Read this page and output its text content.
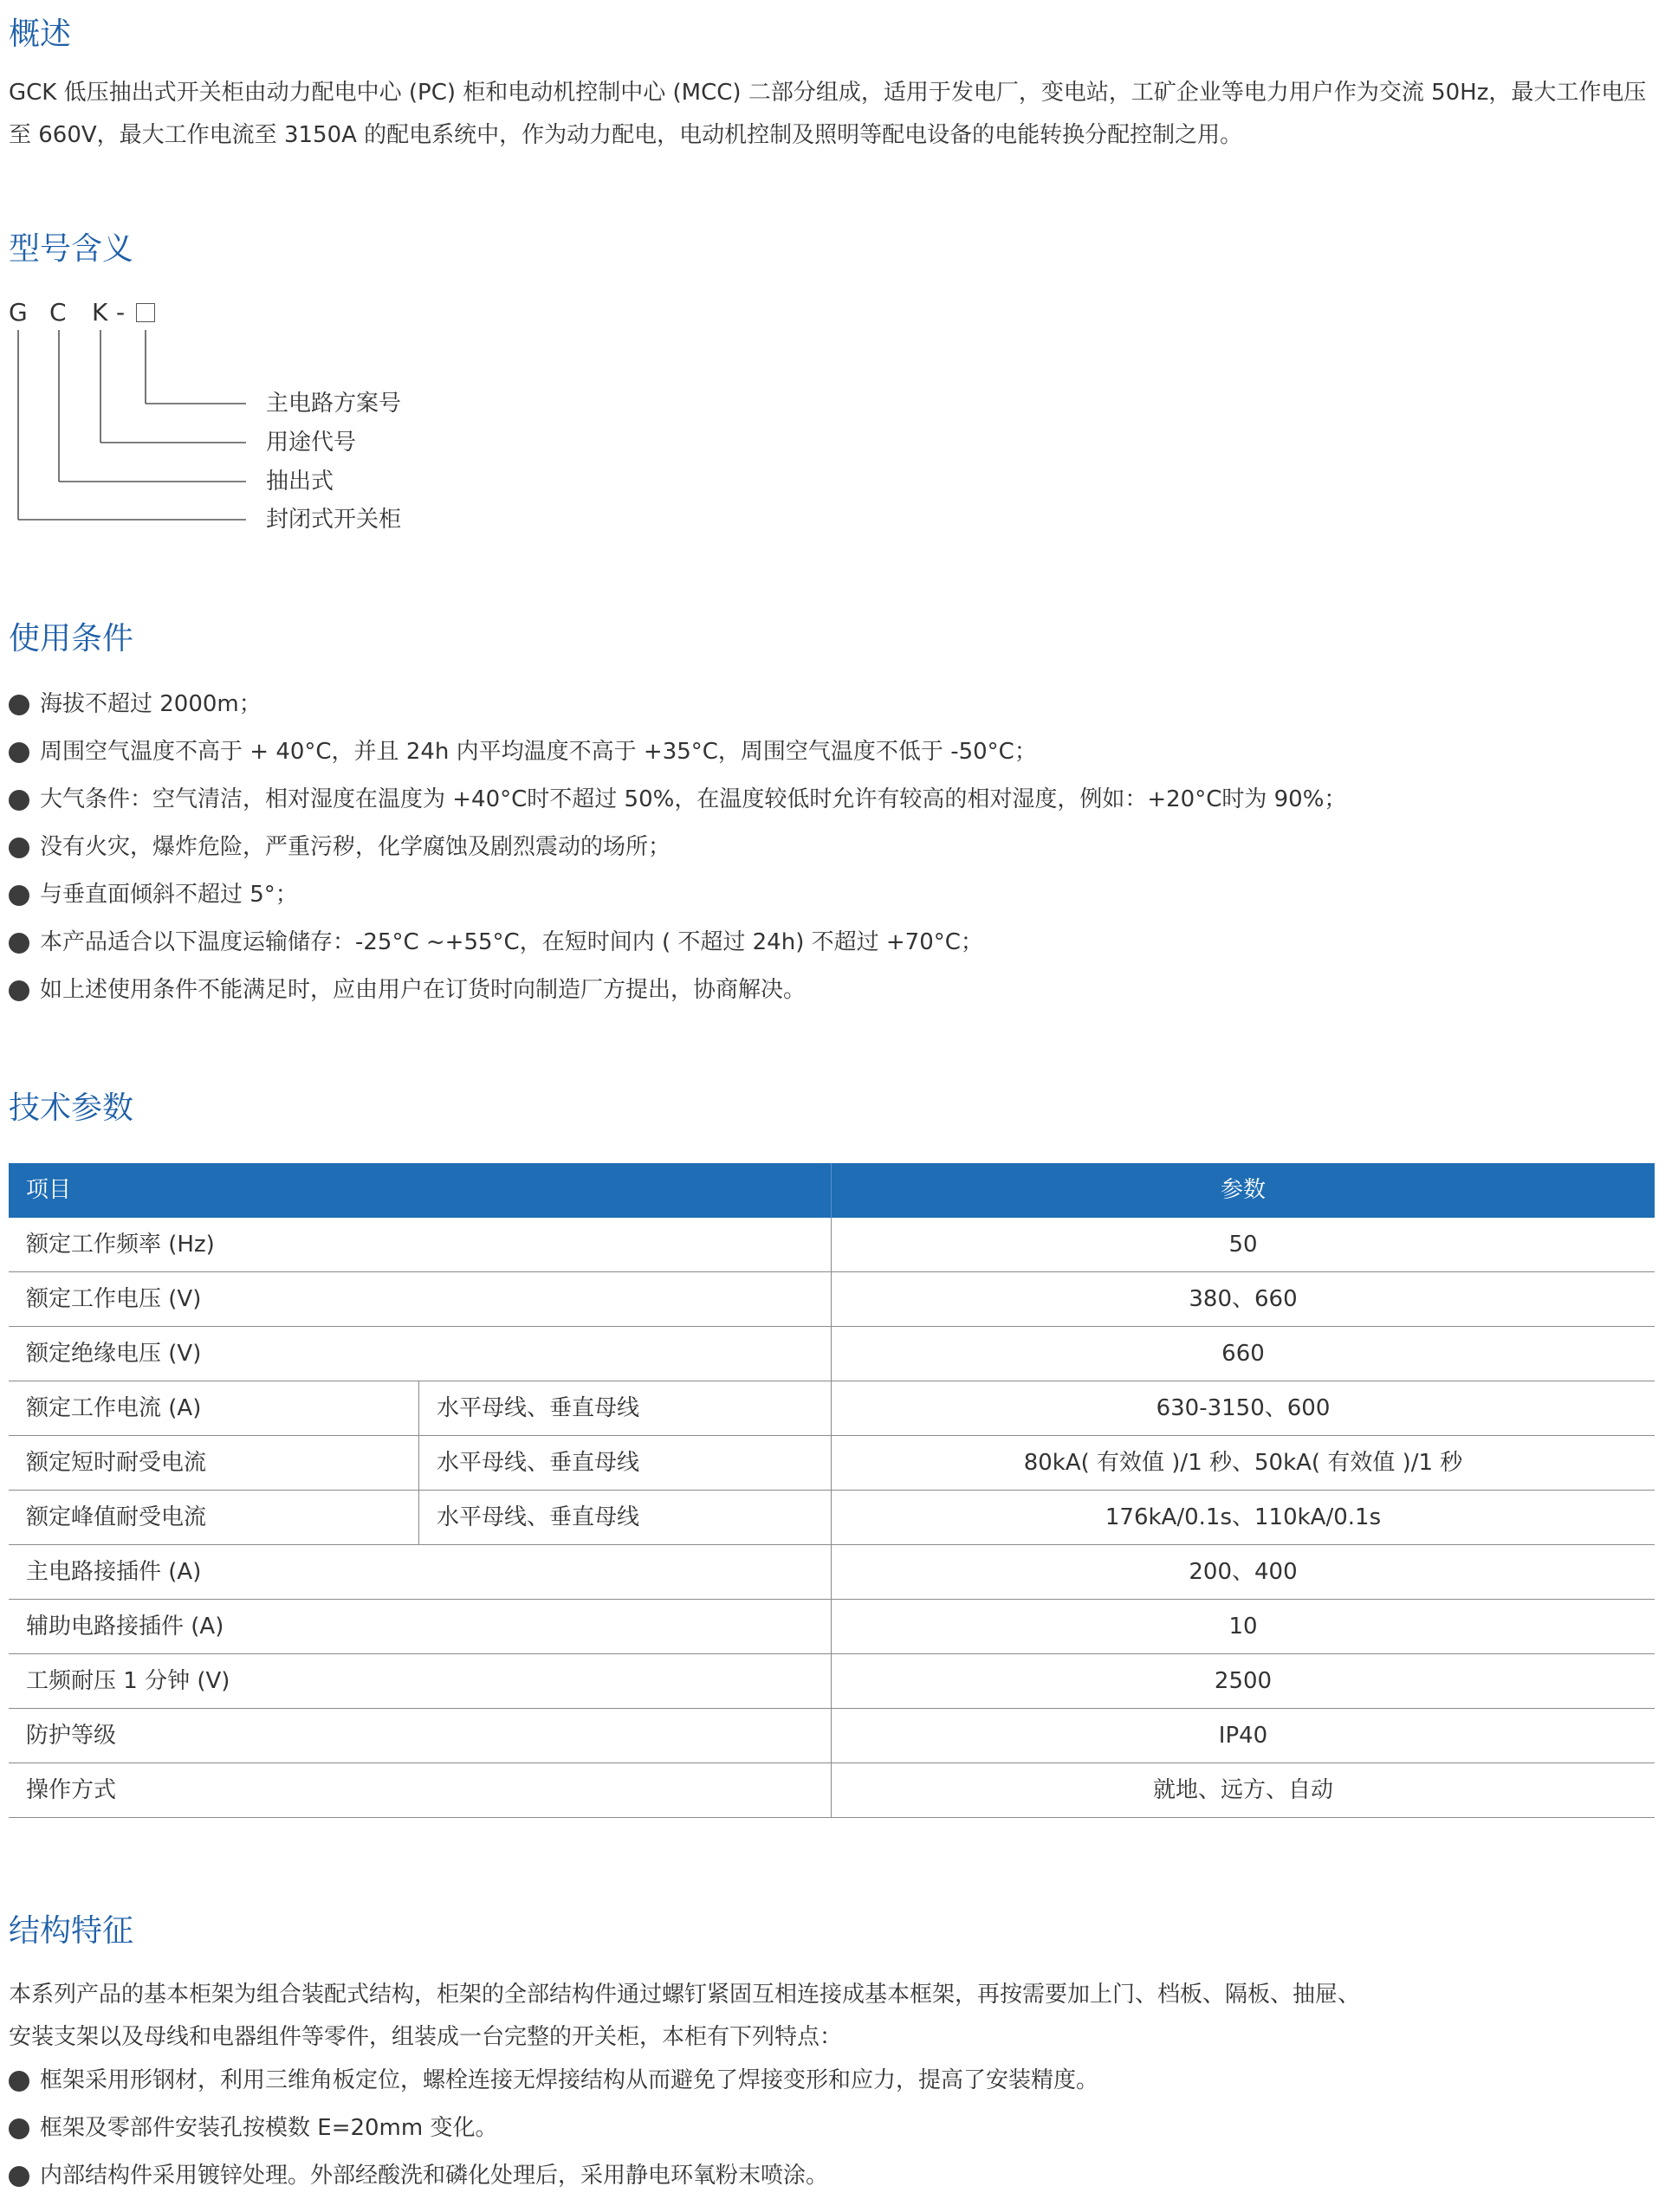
概述

GCK 低压抽出式开关柜由动力配电中心 (PC) 柜和电动机控制中心 (MCC) 二部分组成，适用于发电厂，变电站，工矿企业等电力用户作为交流 50Hz，最大工作电压至 660V，最大工作电流至 3150A 的配电系统中，作为动力配电，电动机控制及照明等配电设备的电能转换分配控制之用。

型号含义
G C K -
主电路方案号
用途代号
抽出式
封闭式开关柜
使用条件
海拔不超过 2000m；
周围空气温度不高于 + 40°C，并且 24h 内平均温度不高于 +35°C，周围空气温度不低于 -50°C；
大气条件：空气清洁，相对湿度在温度为 +40°C时不超过 50%，在温度较低时允许有较高的相对湿度，例如：+20°C时为 90%；
没有火灾，爆炸危险，严重污秽，化学腐蚀及剧烈震动的场所；
与垂直面倾斜不超过 5°；
本产品适合以下温度运输储存：-25°C ~+55°C，在短时间内 ( 不超过 24h) 不超过 +70°C；
如上述使用条件不能满足时，应由用户在订货时向制造厂方提出，协商解决。
技术参数
项目	参数
额定工作频率 (Hz)	50
额定工作电压 (V)	380、660
额定绝缘电压 (V)	660
额定工作电流 (A)	水平母线、垂直母线	630-3150、600
额定短时耐受电流	水平母线、垂直母线	80kA( 有效值 )/1 秒、50kA( 有效值 )/1 秒
额定峰值耐受电流	水平母线、垂直母线	176kA/0.1s、110kA/0.1s
主电路接插件 (A)	200、400
辅助电路接插件 (A)	10
工频耐压 1 分钟 (V)	2500
防护等级	IP40
操作方式	就地、远方、自动
结构特征

本系列产品的基本柜架为组合装配式结构，柜架的全部结构件通过螺钉紧固互相连接成基本框架，再按需要加上门、档板、隔板、抽屉、安装支架以及母线和电器组件等零件，组装成一台完整的开关柜，本柜有下列特点：

框架采用形钢材，利用三维角板定位，螺栓连接无焊接结构从而避免了焊接变形和应力，提高了安装精度。
框架及零部件安装孔按模数 E=20mm 变化。
内部结构件采用镀锌处理。外部经酸洗和磷化处理后，采用静电环氧粉末喷涂。
